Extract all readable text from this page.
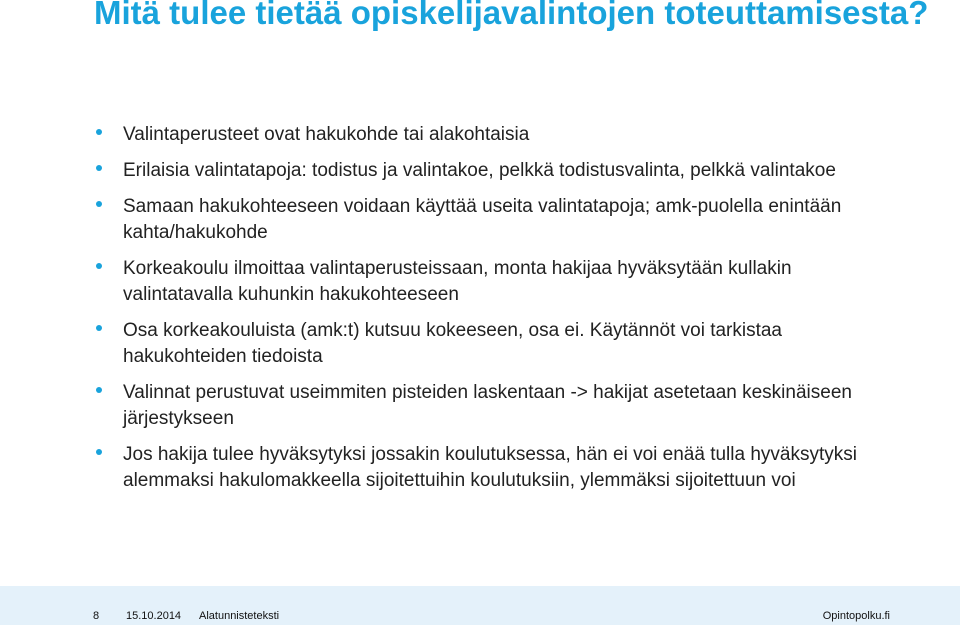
Mitä tulee tietää opiskelijavalintojen toteuttamisesta?
Valintaperusteet ovat hakukohde tai alakohtaisia
Erilaisia valintatapoja: todistus ja valintakoe, pelkkä todistusvalinta, pelkkä valintakoe
Samaan hakukohteeseen voidaan käyttää useita valintatapoja; amk-puolella enintään kahta/hakukohde
Korkeakoulu ilmoittaa valintaperusteissaan, monta hakijaa hyväksytään kullakin valintatavalla kuhunkin hakukohteeseen
Osa korkeakouluista (amk:t) kutsuu kokeeseen, osa ei. Käytännöt voi tarkistaa hakukohteiden tiedoista
Valinnat perustuvat useimmiten pisteiden laskentaan -> hakijat asetetaan keskinäiseen järjestykseen
Jos hakija tulee hyväksytyksi jossakin koulutuksessa, hän ei voi enää tulla hyväksytyksi alemmaksi hakulomakkeella sijoitettuihin koulutuksiin, ylemmäksi sijoitettuun voi
8 15.10.2014 Alatunnisteteksti	Opintopolku.fi
